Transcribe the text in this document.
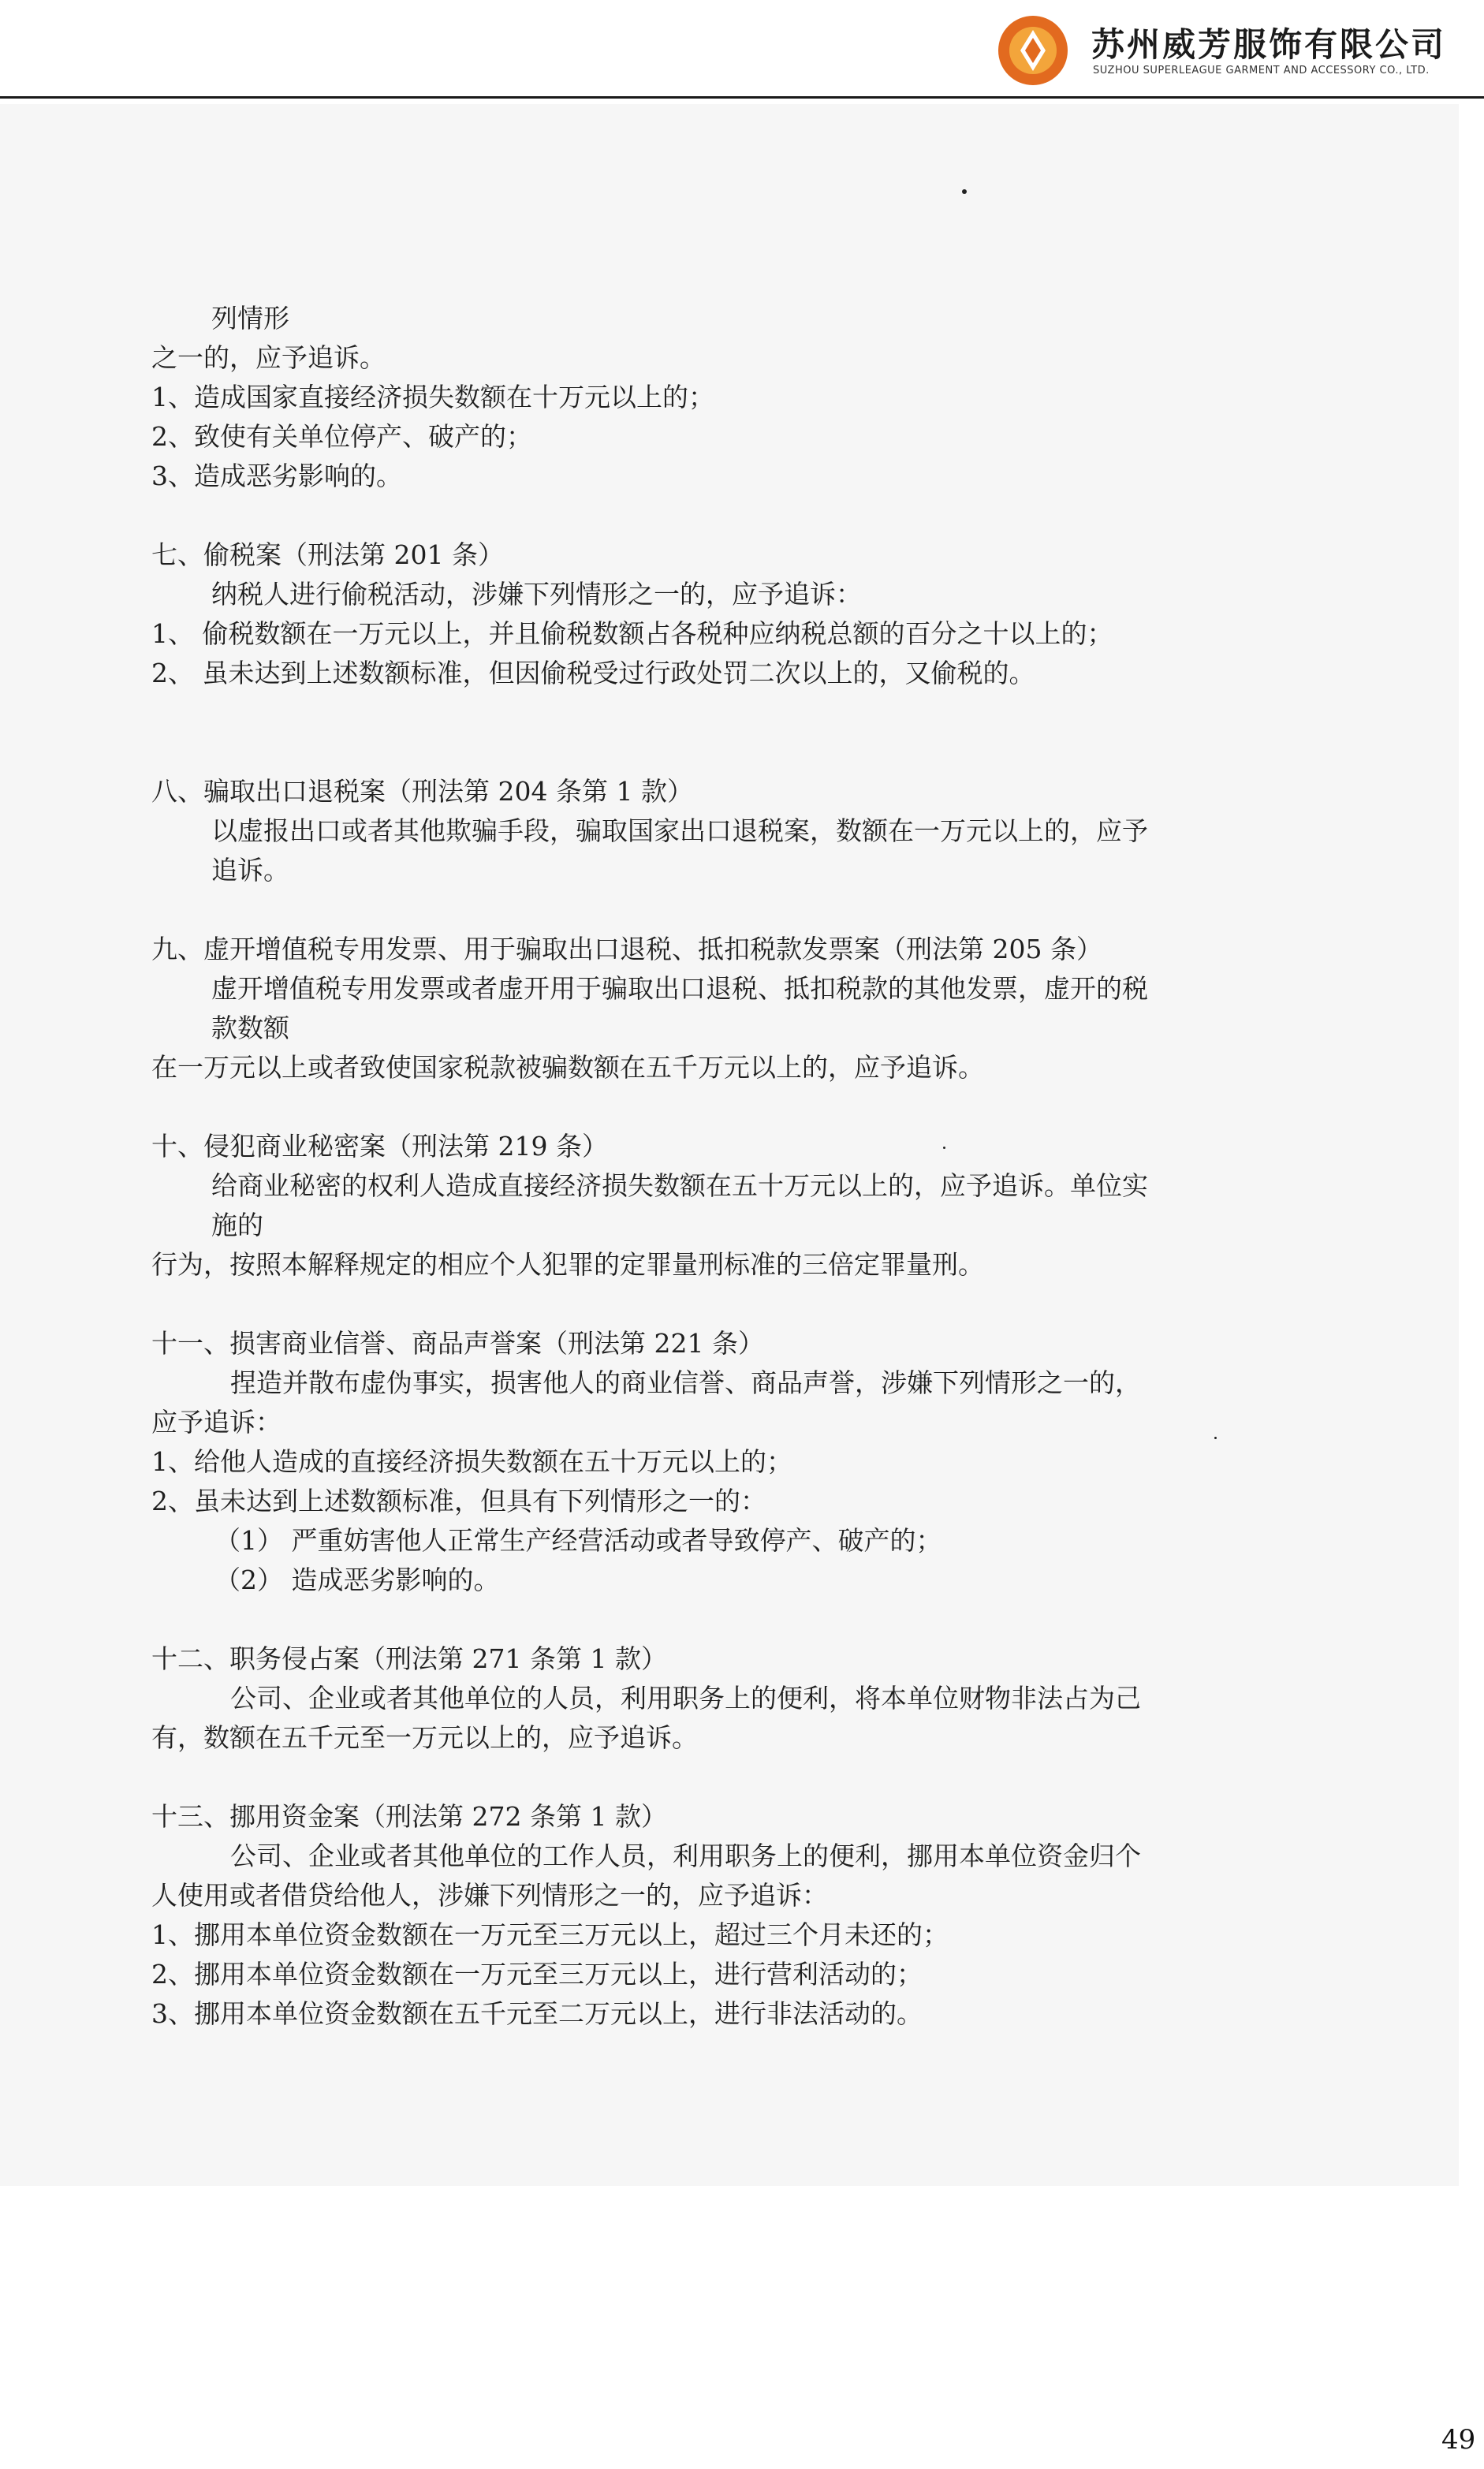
苏州威芳服饰有限公司
SUZHOU SUPERLEAGUE GARMENT AND ACCESSORY CO., LTD.
列情形
之一的，应予追诉。
1、造成国家直接经济损失数额在十万元以上的；
2、致使有关单位停产、破产的；
3、造成恶劣影响的。
七、偷税案（刑法第 201 条）
纳税人进行偷税活动，涉嫌下列情形之一的，应予追诉：
1、 偷税数额在一万元以上，并且偷税数额占各税种应纳税总额的百分之十以上的；
2、 虽未达到上述数额标准，但因偷税受过行政处罚二次以上的，又偷税的。
八、骗取出口退税案（刑法第 204 条第 1 款）
以虚报出口或者其他欺骗手段，骗取国家出口退税案，数额在一万元以上的，应予
追诉。
九、虚开增值税专用发票、用于骗取出口退税、抵扣税款发票案（刑法第 205 条）
虚开增值税专用发票或者虚开用于骗取出口退税、抵扣税款的其他发票，虚开的税
款数额
在一万元以上或者致使国家税款被骗数额在五千万元以上的，应予追诉。
十、侵犯商业秘密案（刑法第 219 条）
给商业秘密的权利人造成直接经济损失数额在五十万元以上的，应予追诉。单位实
施的
行为，按照本解释规定的相应个人犯罪的定罪量刑标准的三倍定罪量刑。
十一、损害商业信誉、商品声誉案（刑法第 221 条）
捏造并散布虚伪事实，损害他人的商业信誉、商品声誉，涉嫌下列情形之一的，
应予追诉：
1、给他人造成的直接经济损失数额在五十万元以上的；
2、虽未达到上述数额标准，但具有下列情形之一的：
（1） 严重妨害他人正常生产经营活动或者导致停产、破产的；
（2） 造成恶劣影响的。
十二、职务侵占案（刑法第 271 条第 1 款）
公司、企业或者其他单位的人员，利用职务上的便利，将本单位财物非法占为己
有，数额在五千元至一万元以上的，应予追诉。
十三、挪用资金案（刑法第 272 条第 1 款）
公司、企业或者其他单位的工作人员，利用职务上的便利，挪用本单位资金归个
人使用或者借贷给他人，涉嫌下列情形之一的，应予追诉：
1、挪用本单位资金数额在一万元至三万元以上，超过三个月未还的；
2、挪用本单位资金数额在一万元至三万元以上，进行营利活动的；
3、挪用本单位资金数额在五千元至二万元以上，进行非法活动的。
49
